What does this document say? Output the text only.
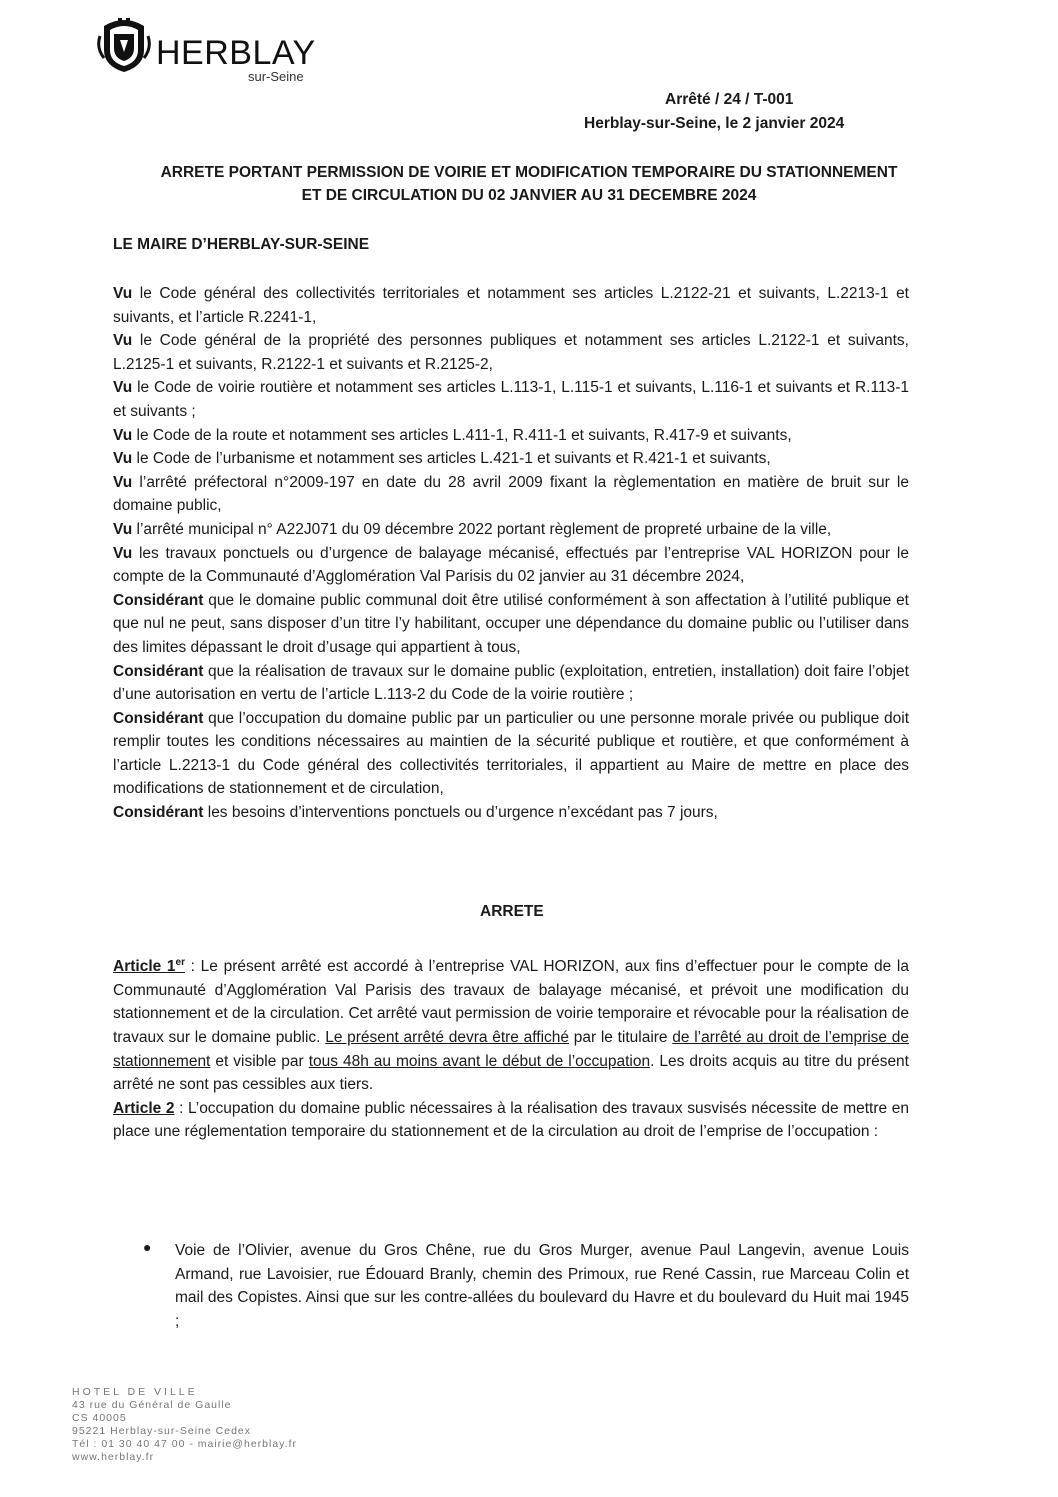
HERBLAY
sur-Seine
Arrêté / 24 / T-001
Herblay-sur-Seine, le 2 janvier 2024
ARRETE PORTANT PERMISSION DE VOIRIE ET MODIFICATION TEMPORAIRE DU STATIONNEMENT
ET DE CIRCULATION DU 02 JANVIER AU 31 DECEMBRE 2024
LE MAIRE D’HERBLAY-SUR-SEINE

Vu le Code général des collectivités territoriales et notamment ses articles L.2122-21 et suivants, L.2213-1 et suivants, et l’article R.2241-1,

Vu le Code général de la propriété des personnes publiques et notamment ses articles L.2122-1 et suivants, L.2125-1 et suivants, R.2122-1 et suivants et R.2125-2,

Vu le Code de voirie routière et notamment ses articles L.113-1, L.115-1 et suivants, L.116-1 et suivants et R.113-1 et suivants ;

Vu le Code de la route et notamment ses articles L.411-1, R.411-1 et suivants, R.417-9 et suivants,

Vu le Code de l’urbanisme et notamment ses articles L.421-1 et suivants et R.421-1 et suivants,

Vu l’arrêté préfectoral n°2009-197 en date du 28 avril 2009 fixant la règlementation en matière de bruit sur le domaine public,

Vu l’arrêté municipal n° A22J071 du 09 décembre 2022 portant règlement de propreté urbaine de la ville,

Vu les travaux ponctuels ou d’urgence de balayage mécanisé, effectués par l’entreprise VAL HORIZON pour le compte de la Communauté d’Agglomération Val Parisis du 02 janvier au 31 décembre 2024,

Considérant que le domaine public communal doit être utilisé conformément à son affectation à l’utilité publique et que nul ne peut, sans disposer d’un titre l’y habilitant, occuper une dépendance du domaine public ou l’utiliser dans des limites dépassant le droit d’usage qui appartient à tous,

Considérant que la réalisation de travaux sur le domaine public (exploitation, entretien, installation) doit faire l’objet d’une autorisation en vertu de l’article L.113-2 du Code de la voirie routière ;

Considérant que l’occupation du domaine public par un particulier ou une personne morale privée ou publique doit remplir toutes les conditions nécessaires au maintien de la sécurité publique et routière, et que conformément à l’article L.2213-1 du Code général des collectivités territoriales, il appartient au Maire de mettre en place des modifications de stationnement et de circulation,

Considérant les besoins d’interventions ponctuels ou d’urgence n’excédant pas 7 jours,

ARRETE

Article 1er : Le présent arrêté est accordé à l’entreprise VAL HORIZON, aux fins d’effectuer pour le compte de la Communauté d’Agglomération Val Parisis des travaux de balayage mécanisé, et prévoit une modification du stationnement et de la circulation. Cet arrêté vaut permission de voirie temporaire et révocable pour la réalisation de travaux sur le domaine public. Le présent arrêté devra être affiché par le titulaire de l’arrêté au droit de l’emprise de stationnement et visible par tous 48h au moins avant le début de l’occupation. Les droits acquis au titre du présent arrêté ne sont pas cessibles aux tiers.

Article 2 : L’occupation du domaine public nécessaires à la réalisation des travaux susvisés nécessite de mettre en place une réglementation temporaire du stationnement et de la circulation au droit de l’emprise de l’occupation :

● Voie de l’Olivier, avenue du Gros Chêne, rue du Gros Murger, avenue Paul Langevin, avenue Louis Armand, rue Lavoisier, rue Édouard Branly, chemin des Primoux, rue René Cassin, rue Marceau Colin et mail des Copistes. Ainsi que sur les contre-allées du boulevard du Havre et du boulevard du Huit mai 1945 ;

HOTEL DE VILLE
43 rue du Général de Gaulle
CS 40005
95221 Herblay-sur-Seine Cedex
Tél : 01 30 40 47 00 - mairie@herblay.fr
www.herblay.fr
